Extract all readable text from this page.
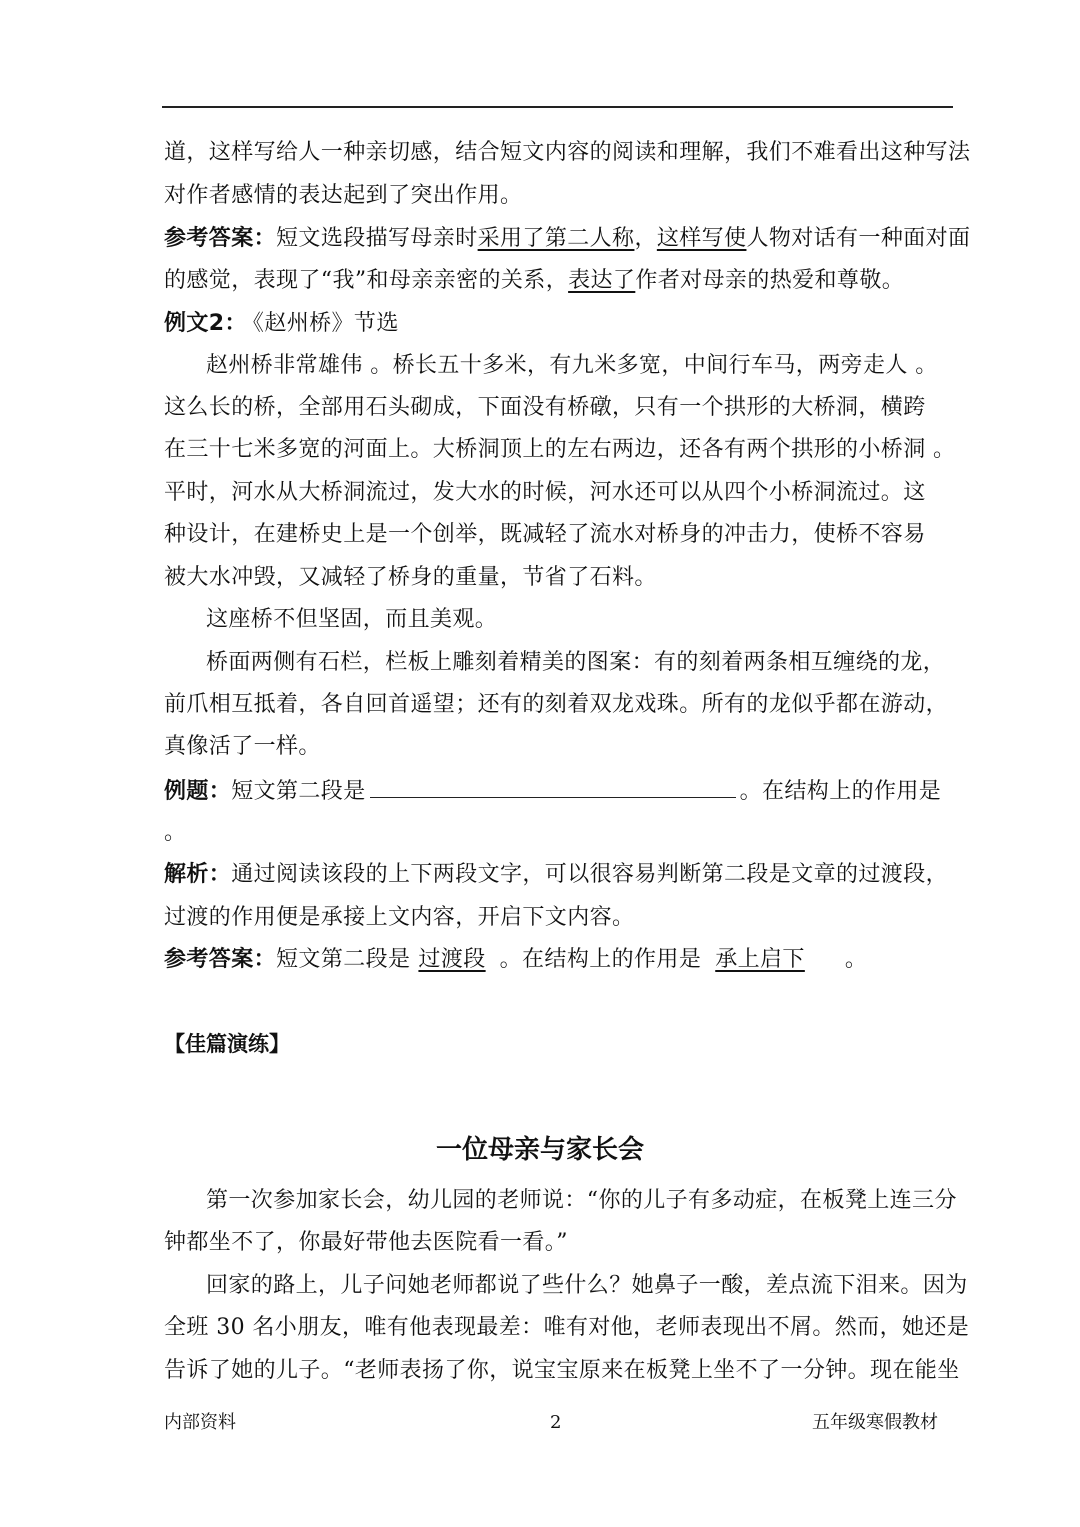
道，这样写给人一种亲切感，结合短文内容的阅读和理解，我们不难看出这种写法
对作者感情的表达起到了突出作用。
参考答案：短文选段描写母亲时采用了第二人称，这样写使人物对话有一种面对面
的感觉，表现了“我”和母亲亲密的关系，表达了作者对母亲的热爱和尊敬。
例文2： 《赵州桥》节选
赵州桥非常雄伟 。桥长五十多米，有九米多宽，中间行车马，两旁走人 。
这么长的桥，全部用石头砌成，下面没有桥礅，只有一个拱形的大桥洞，横跨
在三十七米多宽的河面上。大桥洞顶上的左右两边，还各有两个拱形的小桥洞 。
平时，河水从大桥洞流过，发大水的时候，河水还可以从四个小桥洞流过。这
种设计，在建桥史上是一个创举，既减轻了流水对桥身的冲击力，使桥不容易
被大水冲毁，又减轻了桥身的重量，节省了石料。
这座桥不但坚固，而且美观。
桥面两侧有石栏，栏板上雕刻着精美的图案：有的刻着两条相互缠绕的龙，
前爪相互抵着，各自回首遥望；还有的刻着双龙戏珠。所有的龙似乎都在游动，
真像活了一样。
例题：短文第二段是	。在结构上的作用是
。
解析：通过阅读该段的上下两段文字，可以很容易判断第二段是文章的过渡段，
过渡的作用便是承接上文内容，开启下文内容。
参考答案：短文第二段是 过渡段 。在结构上的作用是 承上启下 。
【佳篇演练】
一位母亲与家长会
第一次参加家长会，幼儿园的老师说：“你的儿子有多动症，在板凳上连三分
钟都坐不了，你最好带他去医院看一看。”
回家的路上，儿子问她老师都说了些什么？她鼻子一酸，差点流下泪来。因为
全班 30 名小朋友，唯有他表现最差：唯有对他，老师表现出不屑。然而，她还是
告诉了她的儿子。“老师表扬了你，说宝宝原来在板凳上坐不了一分钟。现在能坐
内部资料	2	五年级寒假教材
